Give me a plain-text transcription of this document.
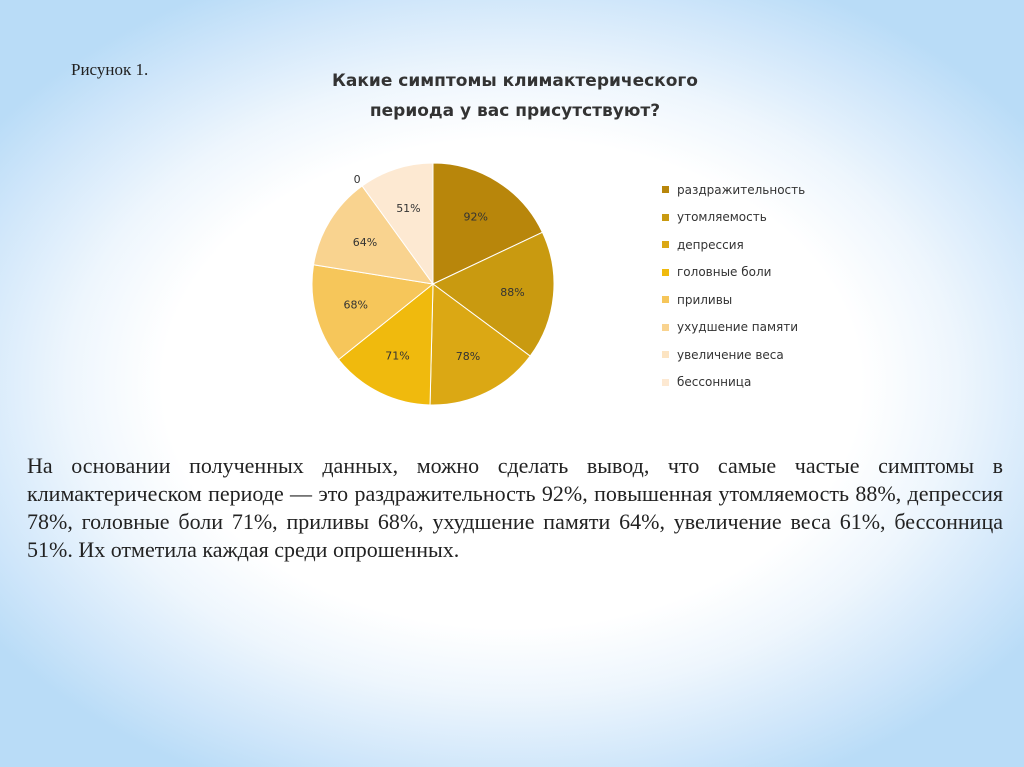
Рисунок 1.
Какие симптомы климактерического
периода у вас присутствуют?
92%
88%
78%
71%
68%
64%
0
51%
раздражительность
утомляемость
депрессия
головные боли
приливы
ухудшение памяти
увеличение веса
бессонница

На основании полученных данных, можно сделать вывод, что самые частые симптомы в климактерическом периоде — это раздражительность 92%, повышенная утомляемость 88%, депрессия 78%, головные боли 71%, приливы 68%, ухудшение памяти 64%, увеличение веса 61%, бессонница 51%. Их отметила каждая среди опрошенных.
